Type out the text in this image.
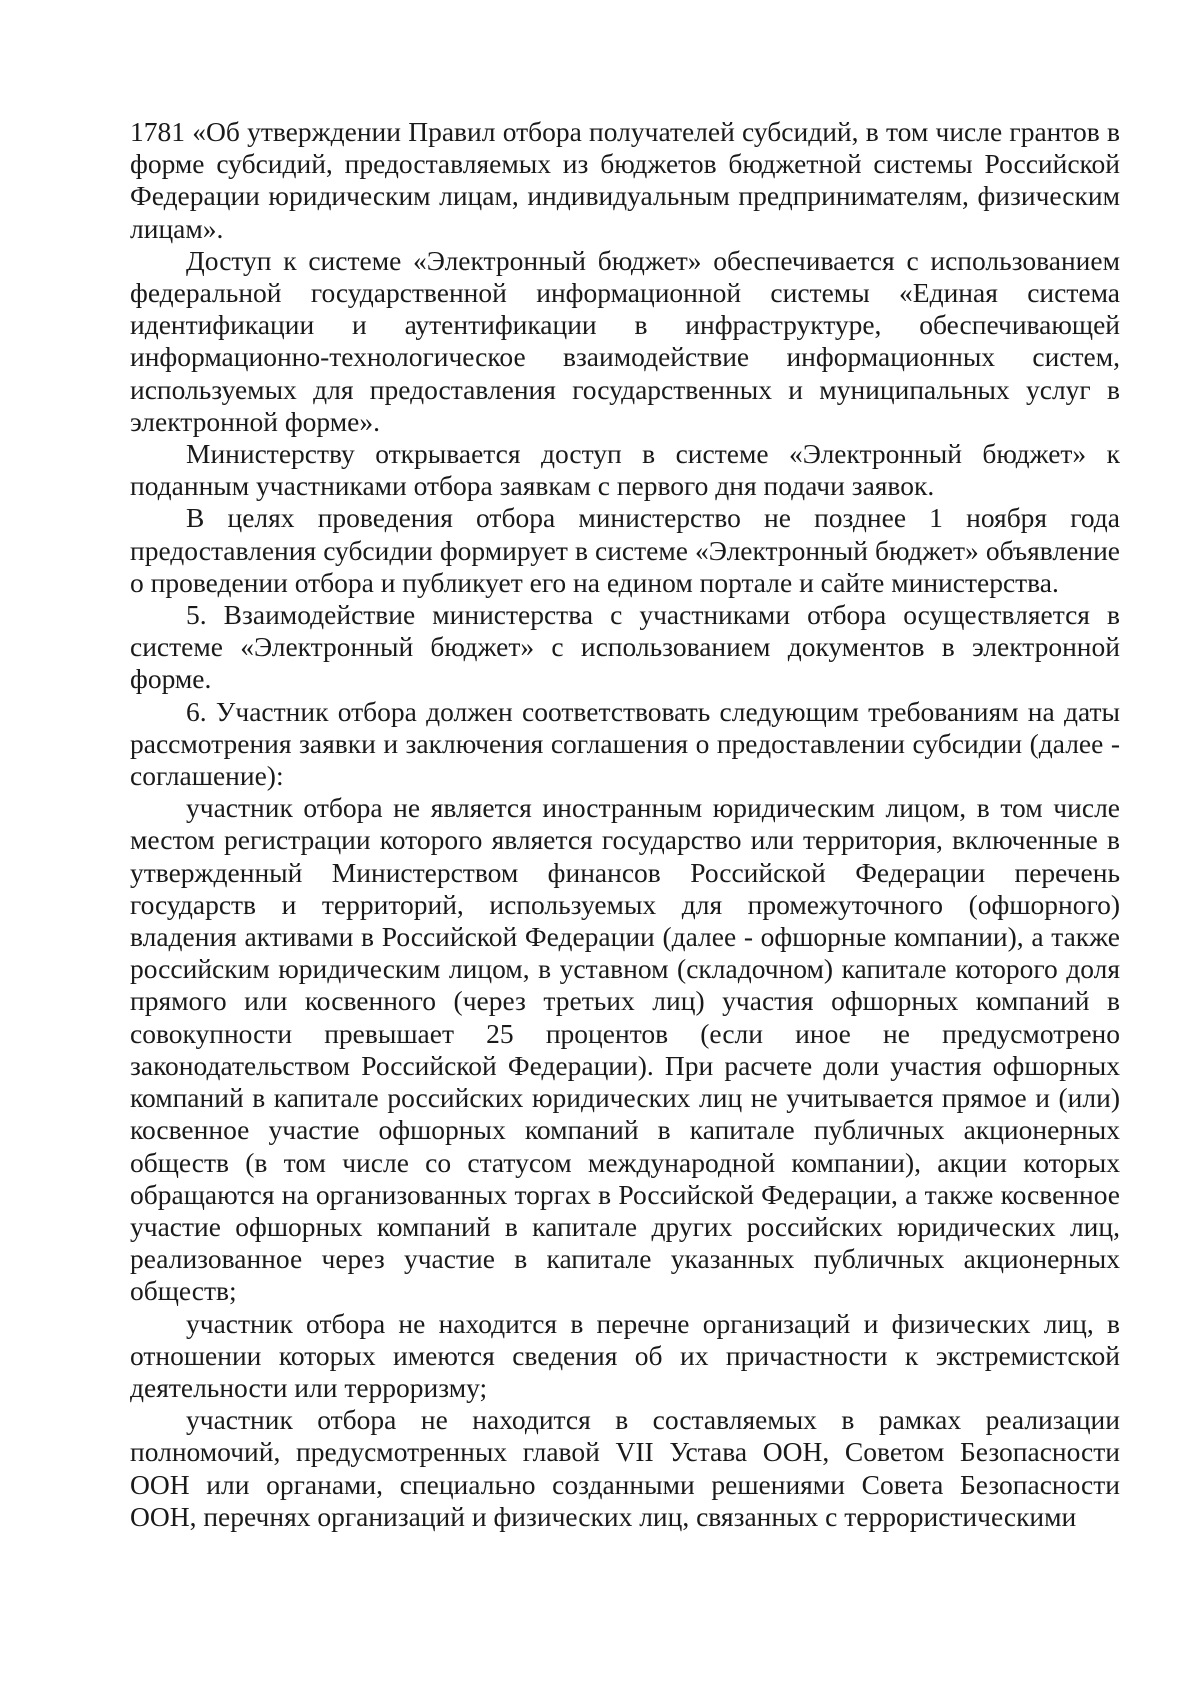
1781 «Об утверждении Правил отбора получателей субсидий, в том числе грантов в форме субсидий, предоставляемых из бюджетов бюджетной системы Российской Федерации юридическим лицам, индивидуальным предпринимателям, физическим лицам».

Доступ к системе «Электронный бюджет» обеспечивается с использованием федеральной государственной информационной системы «Единая система идентификации и аутентификации в инфраструктуре, обеспечивающей информационно-технологическое взаимодействие информационных систем, используемых для предоставления государственных и муниципальных услуг в электронной форме».

Министерству открывается доступ в системе «Электронный бюджет» к поданным участниками отбора заявкам с первого дня подачи заявок.

В целях проведения отбора министерство не позднее 1 ноября года предоставления субсидии формирует в системе «Электронный бюджет» объявление о проведении отбора и публикует его на едином портале и сайте министерства.

5. Взаимодействие министерства с участниками отбора осуществляется в системе «Электронный бюджет» с использованием документов в электронной форме.

6. Участник отбора должен соответствовать следующим требованиям на даты рассмотрения заявки и заключения соглашения о предоставлении субсидии (далее - соглашение):

участник отбора не является иностранным юридическим лицом, в том числе местом регистрации которого является государство или территория, включенные в утвержденный Министерством финансов Российской Федерации перечень государств и территорий, используемых для промежуточного (офшорного) владения активами в Российской Федерации (далее - офшорные компании), а также российским юридическим лицом, в уставном (складочном) капитале которого доля прямого или косвенного (через третьих лиц) участия офшорных компаний в совокупности превышает 25 процентов (если иное не предусмотрено законодательством Российской Федерации). При расчете доли участия офшорных компаний в капитале российских юридических лиц не учитывается прямое и (или) косвенное участие офшорных компаний в капитале публичных акционерных обществ (в том числе со статусом международной компании), акции которых обращаются на организованных торгах в Российской Федерации, а также косвенное участие офшорных компаний в капитале других российских юридических лиц, реализованное через участие в капитале указанных публичных акционерных обществ;

участник отбора не находится в перечне организаций и физических лиц, в отношении которых имеются сведения об их причастности к экстремистской деятельности или терроризму;

участник отбора не находится в составляемых в рамках реализации полномочий, предусмотренных главой VII Устава ООН, Советом Безопасности ООН или органами, специально созданными решениями Совета Безопасности ООН, перечнях организаций и физических лиц, связанных с террористическими
